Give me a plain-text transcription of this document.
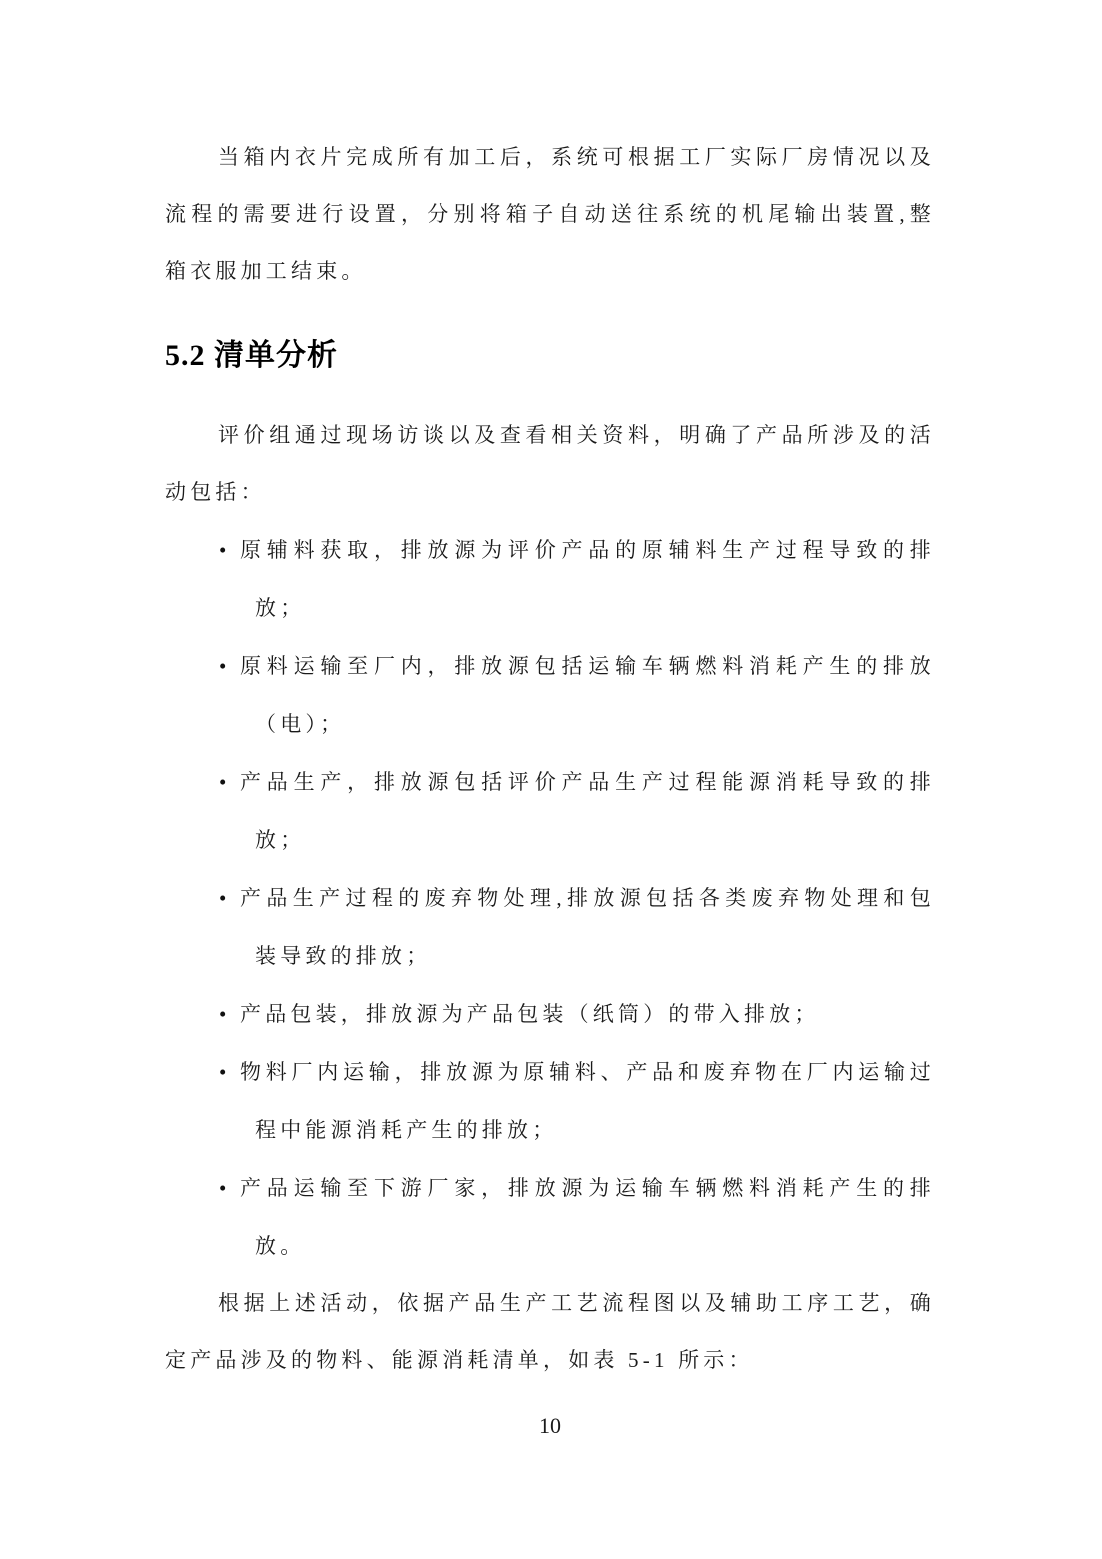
当箱内衣片完成所有加工后，系统可根据工厂实际厂房情况以及
流程的需要进行设置，分别将箱子自动送往系统的机尾输出装置,整
箱衣服加工结束。
5.2 清单分析
评价组通过现场访谈以及查看相关资料，明确了产品所涉及的活
动包括：
• 原辅料获取，排放源为评价产品的原辅料生产过程导致的排
放；
• 原料运输至厂内，排放源包括运输车辆燃料消耗产生的排放
（电）；
• 产品生产，排放源包括评价产品生产过程能源消耗导致的排
放；
• 产品生产过程的废弃物处理,排放源包括各类废弃物处理和包
装导致的排放；
• 产品包装，排放源为产品包装（纸筒）的带入排放；
• 物料厂内运输，排放源为原辅料、产品和废弃物在厂内运输过
程中能源消耗产生的排放；
• 产品运输至下游厂家，排放源为运输车辆燃料消耗产生的排
放。
根据上述活动，依据产品生产工艺流程图以及辅助工序工艺，确
定产品涉及的物料、能源消耗清单，如表 5-1 所示：
10
